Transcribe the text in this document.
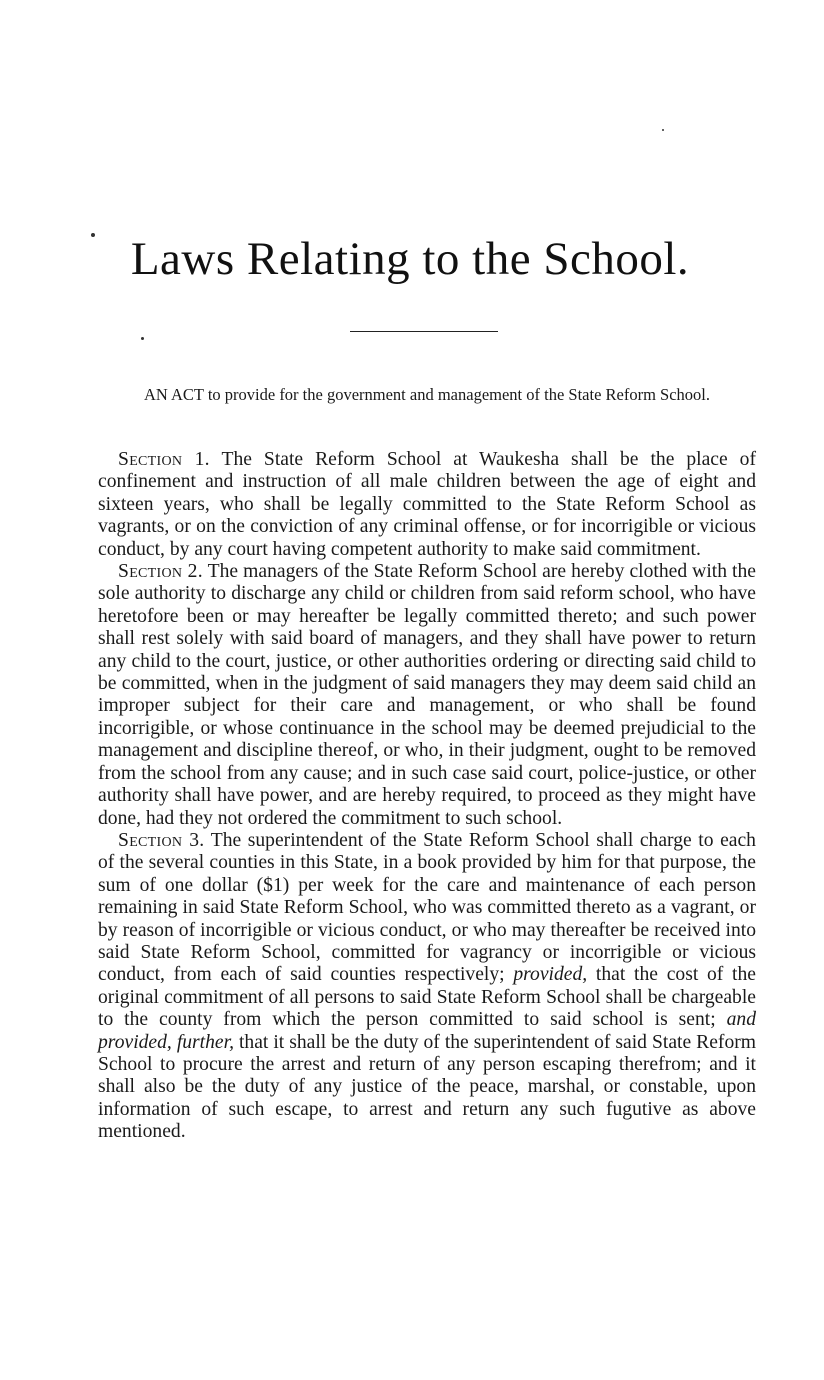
Laws Relating to the School.

AN ACT to provide for the government and management of the State Reform School.

Section 1. The State Reform School at Waukesha shall be the place of confinement and instruction of all male children between the age of eight and sixteen years, who shall be legally committed to the State Reform School as vagrants, or on the conviction of any criminal offense, or for incorrigible or vicious conduct, by any court having competent authority to make said commitment.

Section 2. The managers of the State Reform School are hereby clothed with the sole authority to discharge any child or children from said reform school, who have heretofore been or may hereafter be legally committed thereto; and such power shall rest solely with said board of managers, and they shall have power to return any child to the court, justice, or other authorities ordering or directing said child to be committed, when in the judgment of said managers they may deem said child an improper subject for their care and management, or who shall be found incorrigible, or whose continuance in the school may be deemed prejudicial to the management and discipline thereof, or who, in their judgment, ought to be removed from the school from any cause; and in such case said court, police-justice, or other authority shall have power, and are hereby required, to proceed as they might have done, had they not ordered the commitment to such school.

Section 3. The superintendent of the State Reform School shall charge to each of the several counties in this State, in a book provided by him for that purpose, the sum of one dollar ($1) per week for the care and maintenance of each person remaining in said State Reform School, who was committed thereto as a vagrant, or by reason of incorrigible or vicious conduct, or who may thereafter be received into said State Reform School, committed for vagrancy or incorrigible or vicious conduct, from each of said counties respectively; provided, that the cost of the original commitment of all persons to said State Reform School shall be chargeable to the county from which the person committed to said school is sent; and provided, further, that it shall be the duty of the superintendent of said State Reform School to procure the arrest and return of any person escaping therefrom; and it shall also be the duty of any justice of the peace, marshal, or constable, upon information of such escape, to arrest and return any such fugutive as above mentioned.
